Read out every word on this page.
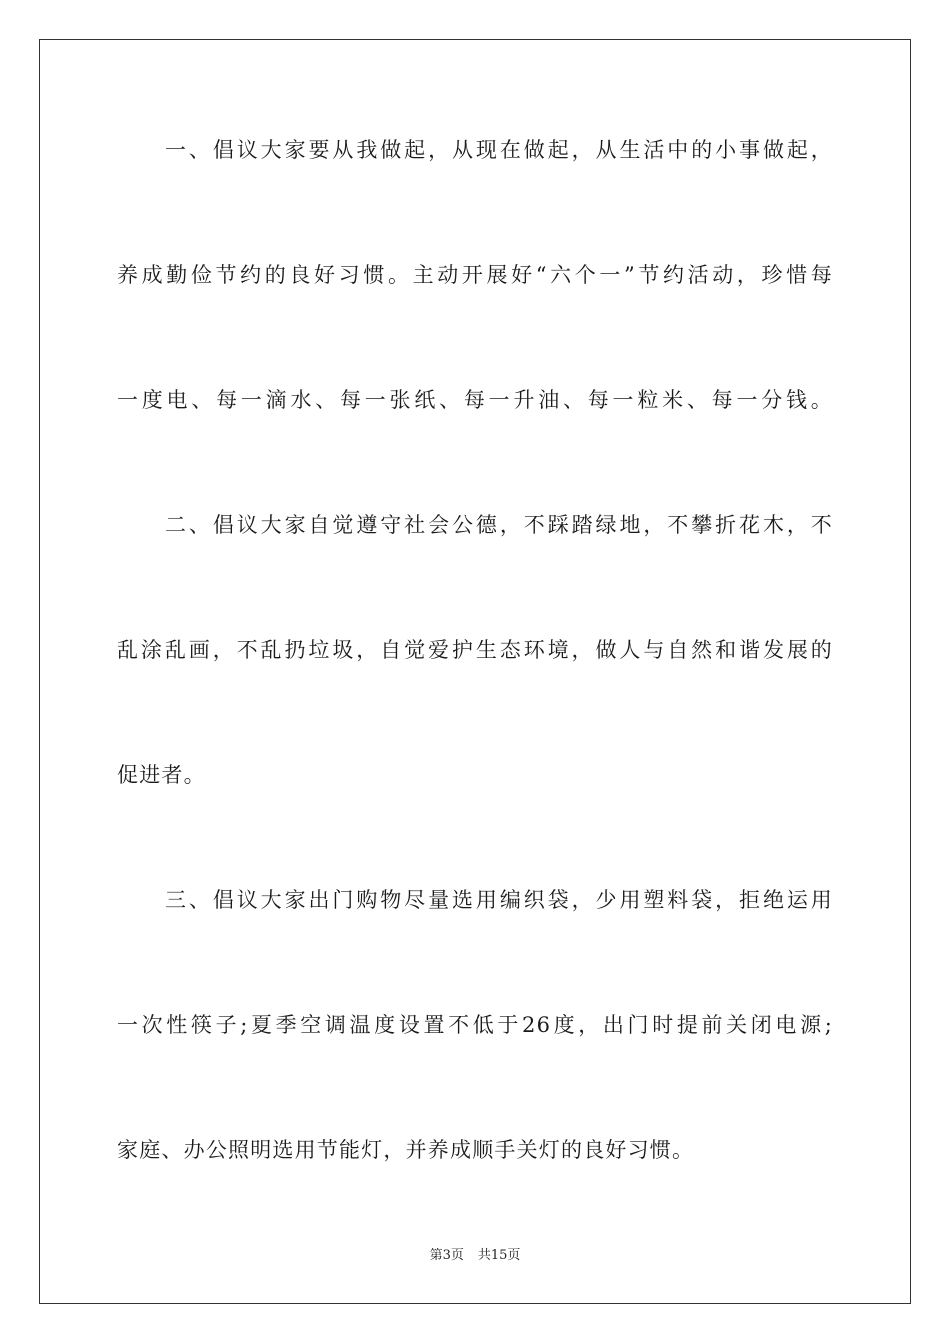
一、倡议大家要从我做起，从现在做起，从生活中的小事做起，
养成勤俭节约的良好习惯。主动开展好“六个一”节约活动，珍惜每
一度电、每一滴水、每一张纸、每一升油、每一粒米、每一分钱。
二、倡议大家自觉遵守社会公德，不踩踏绿地，不攀折花木，不
乱涂乱画，不乱扔垃圾，自觉爱护生态环境，做人与自然和谐发展的
促进者。
三、倡议大家出门购物尽量选用编织袋，少用塑料袋，拒绝运用
一次性筷子;夏季空调温度设置不低于26度，出门时提前关闭电源;
家庭、办公照明选用节能灯，并养成顺手关灯的良好习惯。
第3页 共15页
